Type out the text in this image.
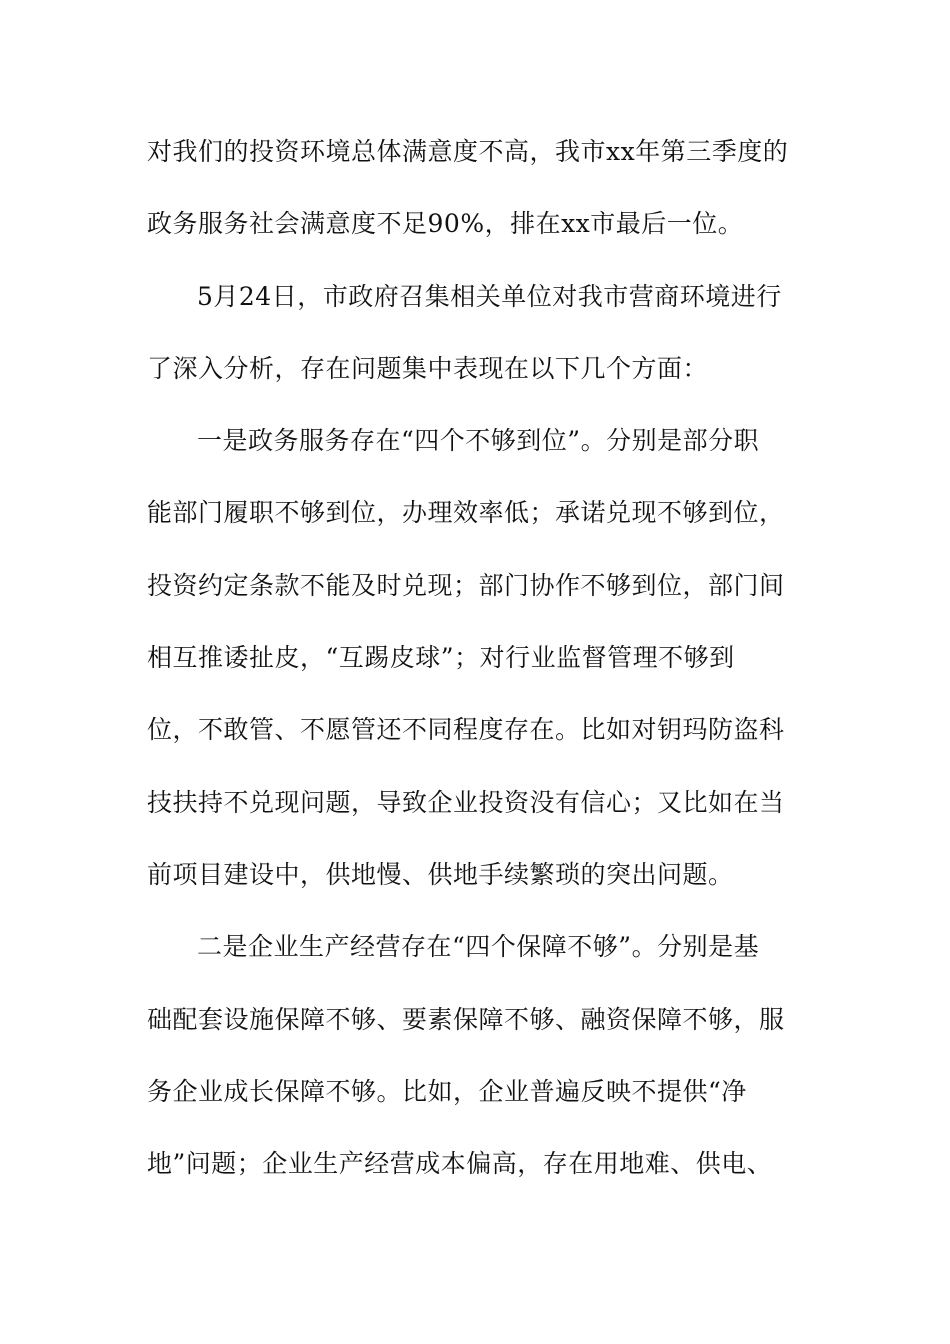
对我们的投资环境总体满意度不高，我市xx年第三季度的
政务服务社会满意度不足90%，排在xx市最后一位。
5月24日，市政府召集相关单位对我市营商环境进行
了深入分析，存在问题集中表现在以下几个方面：
一是政务服务存在“四个不够到位”。分别是部分职
能部门履职不够到位，办理效率低；承诺兑现不够到位，
投资约定条款不能及时兑现；部门协作不够到位，部门间
相互推诿扯皮，“互踢皮球”；对行业监督管理不够到
位，不敢管、不愿管还不同程度存在。比如对钥玛防盗科
技扶持不兑现问题，导致企业投资没有信心；又比如在当
前项目建设中，供地慢、供地手续繁琐的突出问题。
二是企业生产经营存在“四个保障不够”。分别是基
础配套设施保障不够、要素保障不够、融资保障不够，服
务企业成长保障不够。比如，企业普遍反映不提供“净
地”问题；企业生产经营成本偏高，存在用地难、供电、
